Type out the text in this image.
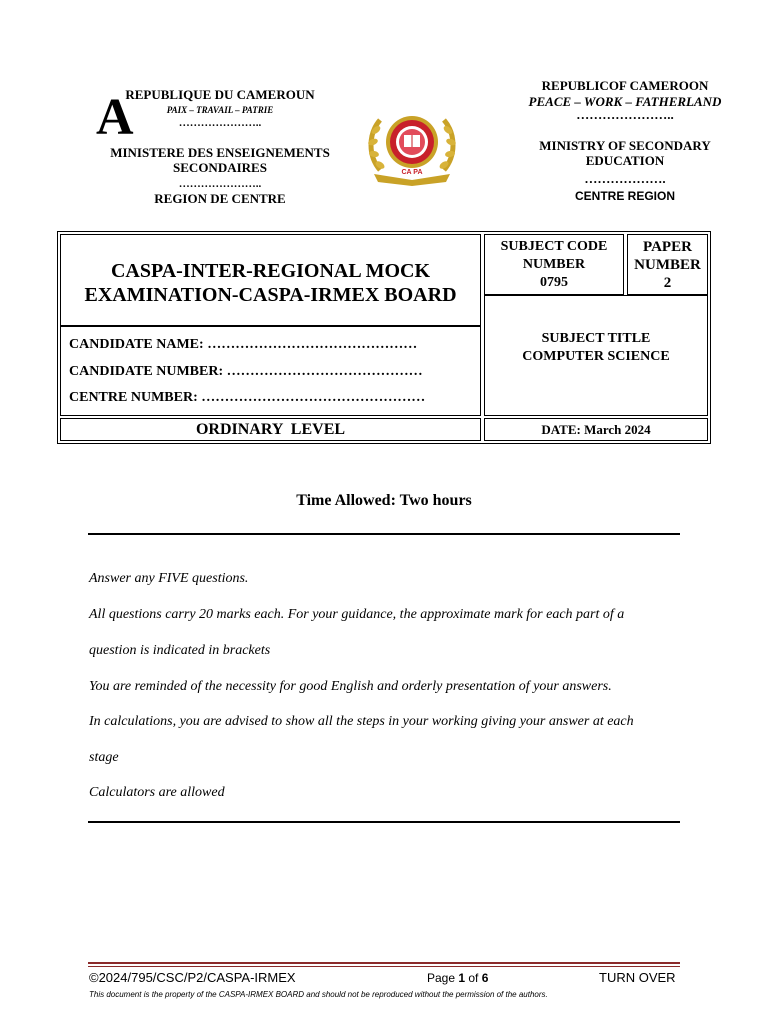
A
REPUBLIQUE DU CAMEROUN
PAIX – TRAVAIL – PATRIE
…………………..
MINISTERE DES ENSEIGNEMENTS
SECONDAIRES
…………………..
REGION DE CENTRE
CA PA
REPUBLICOF CAMEROON
PEACE – WORK – FATHERLAND
…………………..
MINISTRY OF SECONDARY
EDUCATION
……………….
CENTRE REGION
CASPA-INTER-REGIONAL MOCK
EXAMINATION-CASPA-IRMEX BOARD
SUBJECT CODE
NUMBER
0795
PAPER
NUMBER
2
CANDIDATE NAME: ………………………………………
CANDIDATE NUMBER: ……………………………………
CENTRE NUMBER: …………………………………………
SUBJECT TITLE
COMPUTER SCIENCE
ORDINARY  LEVEL	DATE: March 2024
Time Allowed: Two hours
Answer any FIVE questions.
All questions carry 20 marks each. For your guidance, the approximate mark for each part of a
question is indicated in brackets
You are reminded of the necessity for good English and orderly presentation of your answers.
In calculations, you are advised to show all the steps in your working giving your answer at each
stage
Calculators are allowed
©2024/795/CSC/P2/CASPA-IRMEX	Page 1 of 6	TURN OVER
This document is the property of the CASPA-IRMEX BOARD and should not be reproduced without the permission of the authors.
